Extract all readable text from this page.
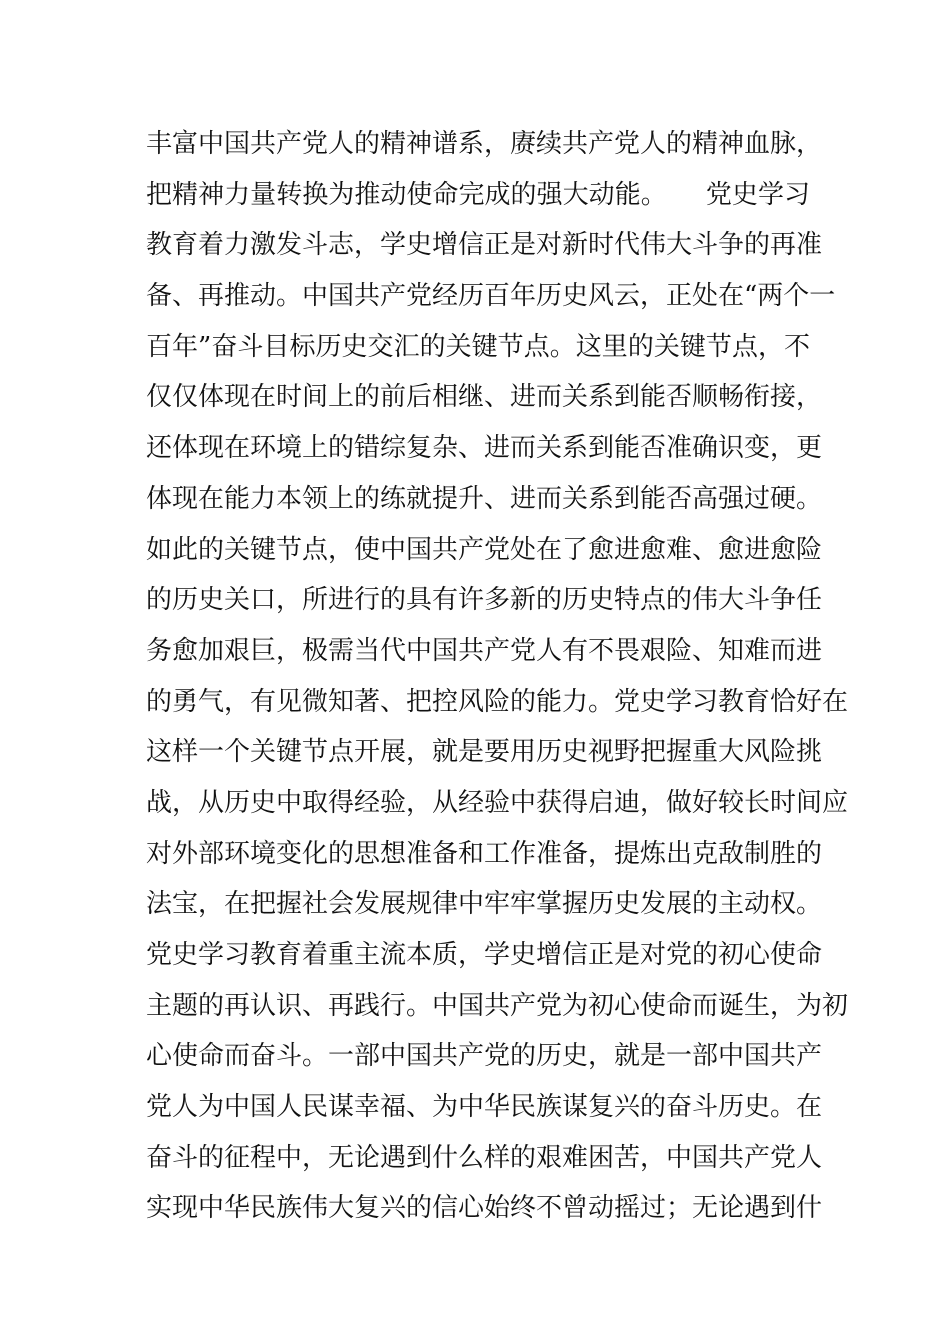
丰富中国共产党人的精神谱系，赓续共产党人的精神血脉，
把精神力量转换为推动使命完成的强大动能。　　党史学习
教育着力激发斗志，学史增信正是对新时代伟大斗争的再准
备、再推动。中国共产党经历百年历史风云，正处在“两个一
百年”奋斗目标历史交汇的关键节点。这里的关键节点，不
仅仅体现在时间上的前后相继、进而关系到能否顺畅衔接，
还体现在环境上的错综复杂、进而关系到能否准确识变，更
体现在能力本领上的练就提升、进而关系到能否高强过硬。
如此的关键节点，使中国共产党处在了愈进愈难、愈进愈险
的历史关口，所进行的具有许多新的历史特点的伟大斗争任
务愈加艰巨，极需当代中国共产党人有不畏艰险、知难而进
的勇气，有见微知著、把控风险的能力。党史学习教育恰好在
这样一个关键节点开展，就是要用历史视野把握重大风险挑
战，从历史中取得经验，从经验中获得启迪，做好较长时间应
对外部环境变化的思想准备和工作准备，提炼出克敌制胜的
法宝，在把握社会发展规律中牢牢掌握历史发展的主动权。
党史学习教育着重主流本质，学史增信正是对党的初心使命
主题的再认识、再践行。中国共产党为初心使命而诞生，为初
心使命而奋斗。一部中国共产党的历史，就是一部中国共产
党人为中国人民谋幸福、为中华民族谋复兴的奋斗历史。在
奋斗的征程中，无论遇到什么样的艰难困苦，中国共产党人
实现中华民族伟大复兴的信心始终不曾动摇过；无论遇到什
